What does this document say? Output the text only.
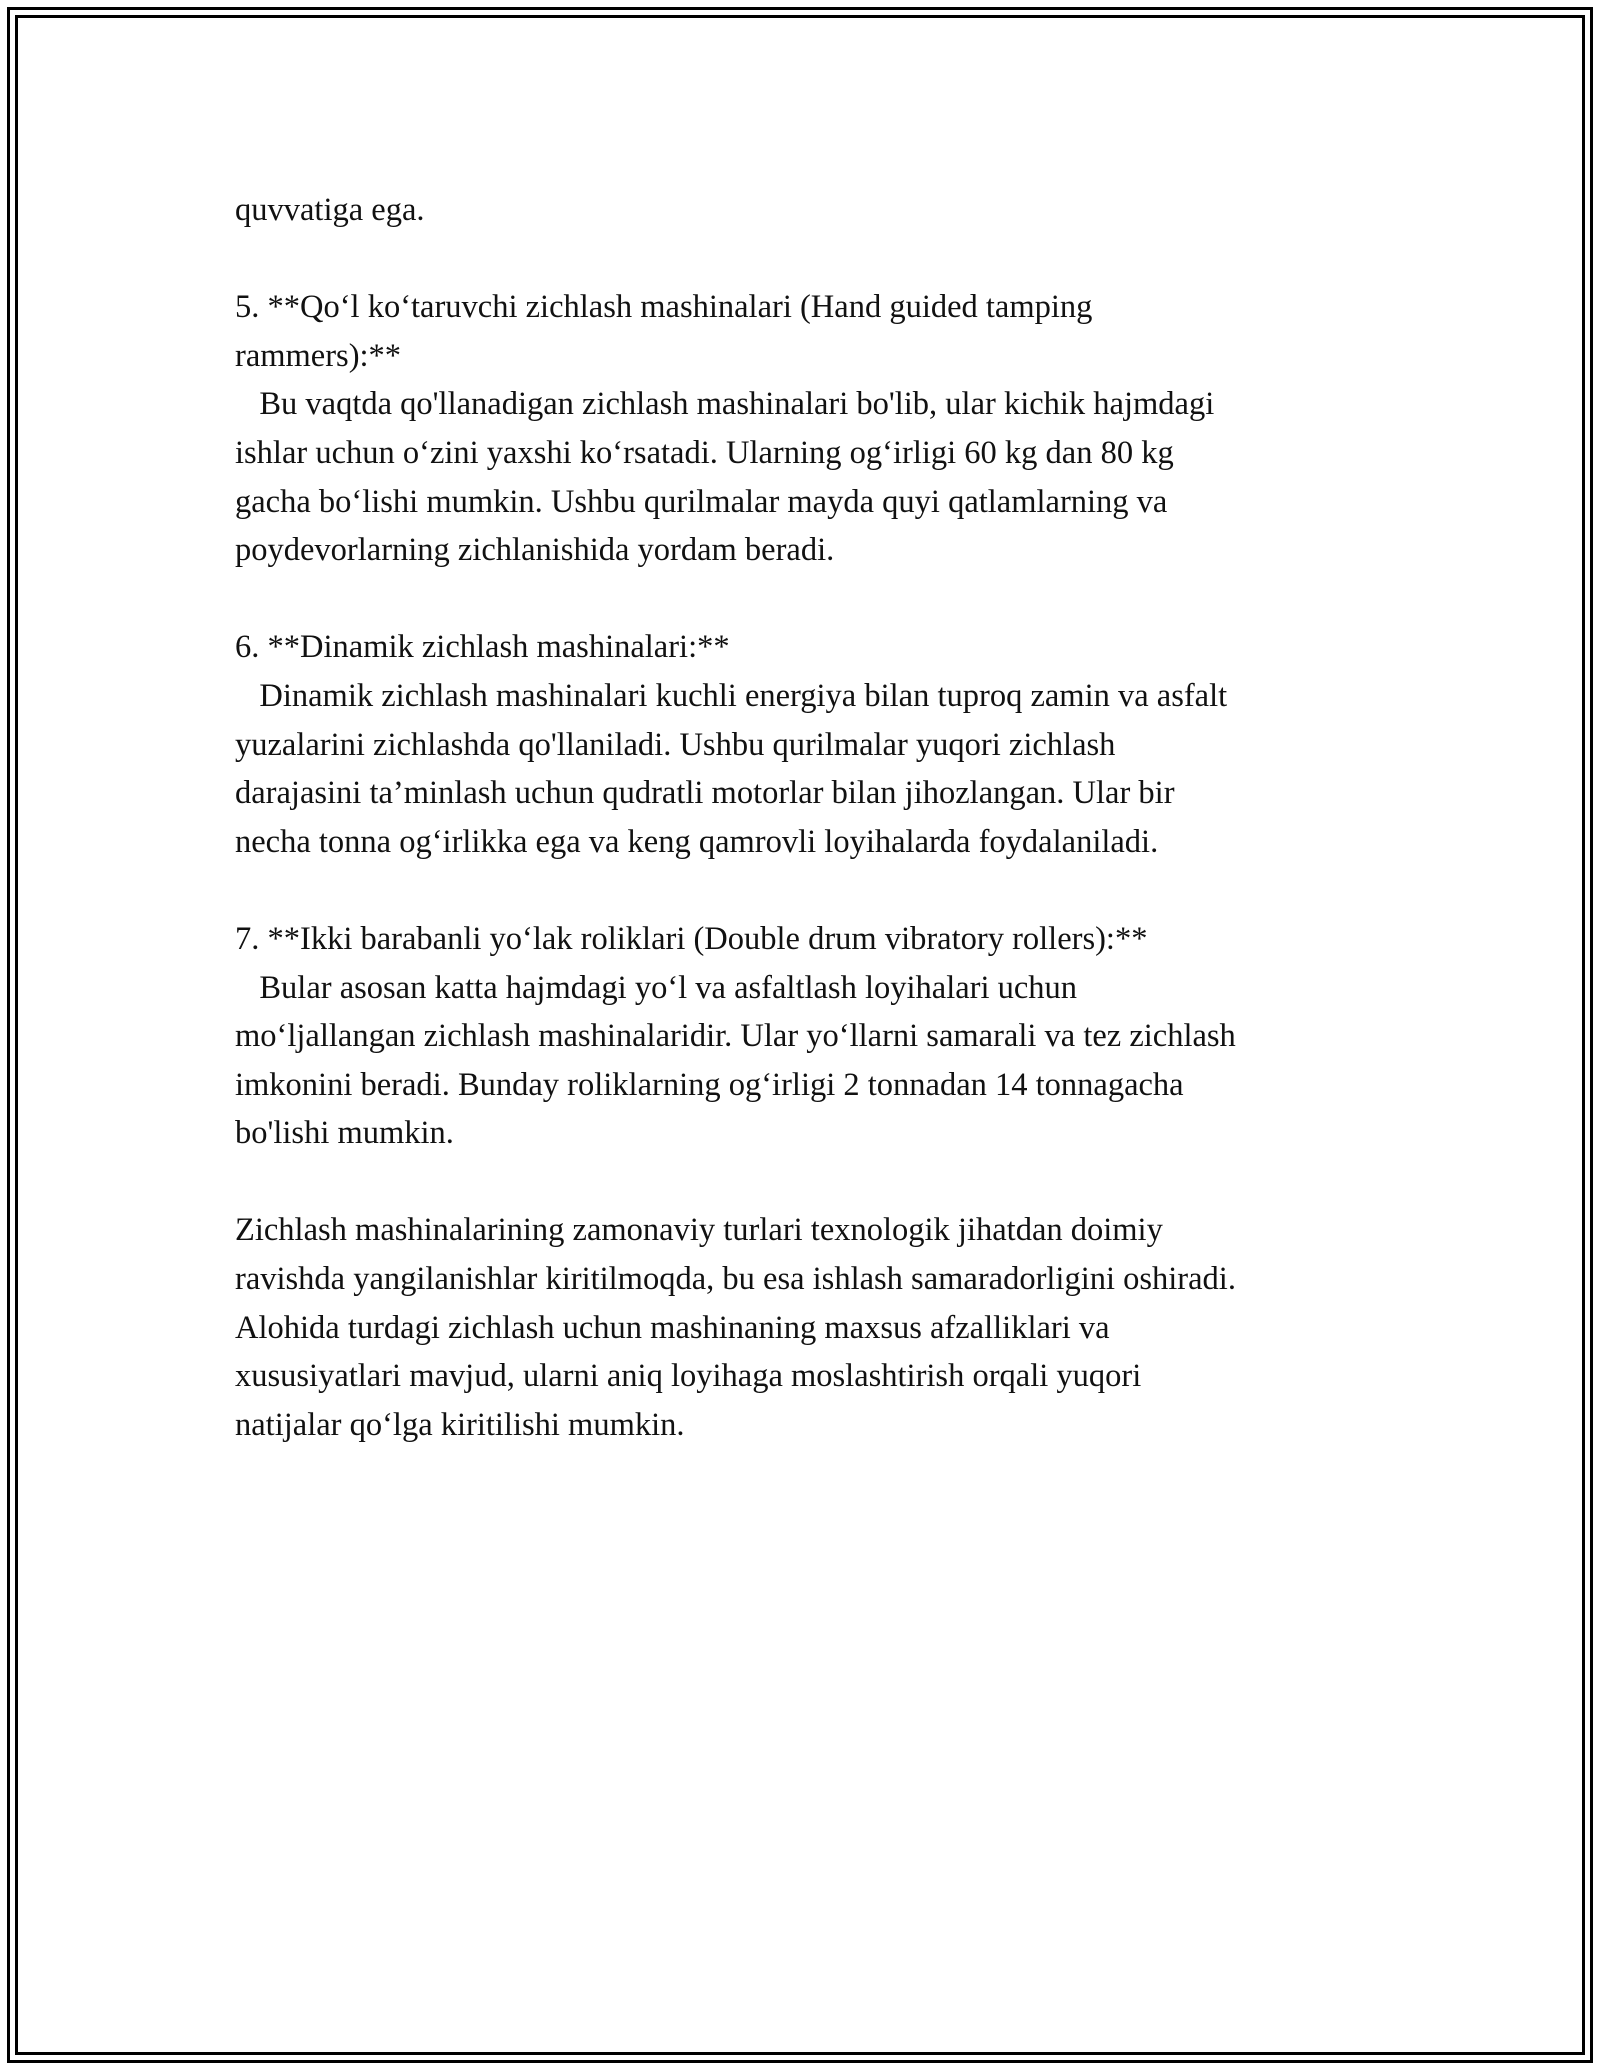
quvvatiga ega.
5. **Qo‘l ko‘taruvchi zichlash mashinalari (Hand guided tamping
rammers):**
Bu vaqtda qo'llanadigan zichlash mashinalari bo'lib, ular kichik hajmdagi
ishlar uchun o‘zini yaxshi ko‘rsatadi. Ularning og‘irligi 60 kg dan 80 kg
gacha bo‘lishi mumkin. Ushbu qurilmalar mayda quyi qatlamlarning va
poydevorlarning zichlanishida yordam beradi.
6. **Dinamik zichlash mashinalari:**
Dinamik zichlash mashinalari kuchli energiya bilan tuproq zamin va asfalt
yuzalarini zichlashda qo'llaniladi. Ushbu qurilmalar yuqori zichlash
darajasini ta’minlash uchun qudratli motorlar bilan jihozlangan. Ular bir
necha tonna og‘irlikka ega va keng qamrovli loyihalarda foydalaniladi.
7. **Ikki barabanli yo‘lak roliklari (Double drum vibratory rollers):**
Bular asosan katta hajmdagi yo‘l va asfaltlash loyihalari uchun
mo‘ljallangan zichlash mashinalaridir. Ular yo‘llarni samarali va tez zichlash
imkonini beradi. Bunday roliklarning og‘irligi 2 tonnadan 14 tonnagacha
bo'lishi mumkin.
Zichlash mashinalarining zamonaviy turlari texnologik jihatdan doimiy
ravishda yangilanishlar kiritilmoqda, bu esa ishlash samaradorligini oshiradi.
Alohida turdagi zichlash uchun mashinaning maxsus afzalliklari va
xususiyatlari mavjud, ularni aniq loyihaga moslashtirish orqali yuqori
natijalar qo‘lga kiritilishi mumkin.
